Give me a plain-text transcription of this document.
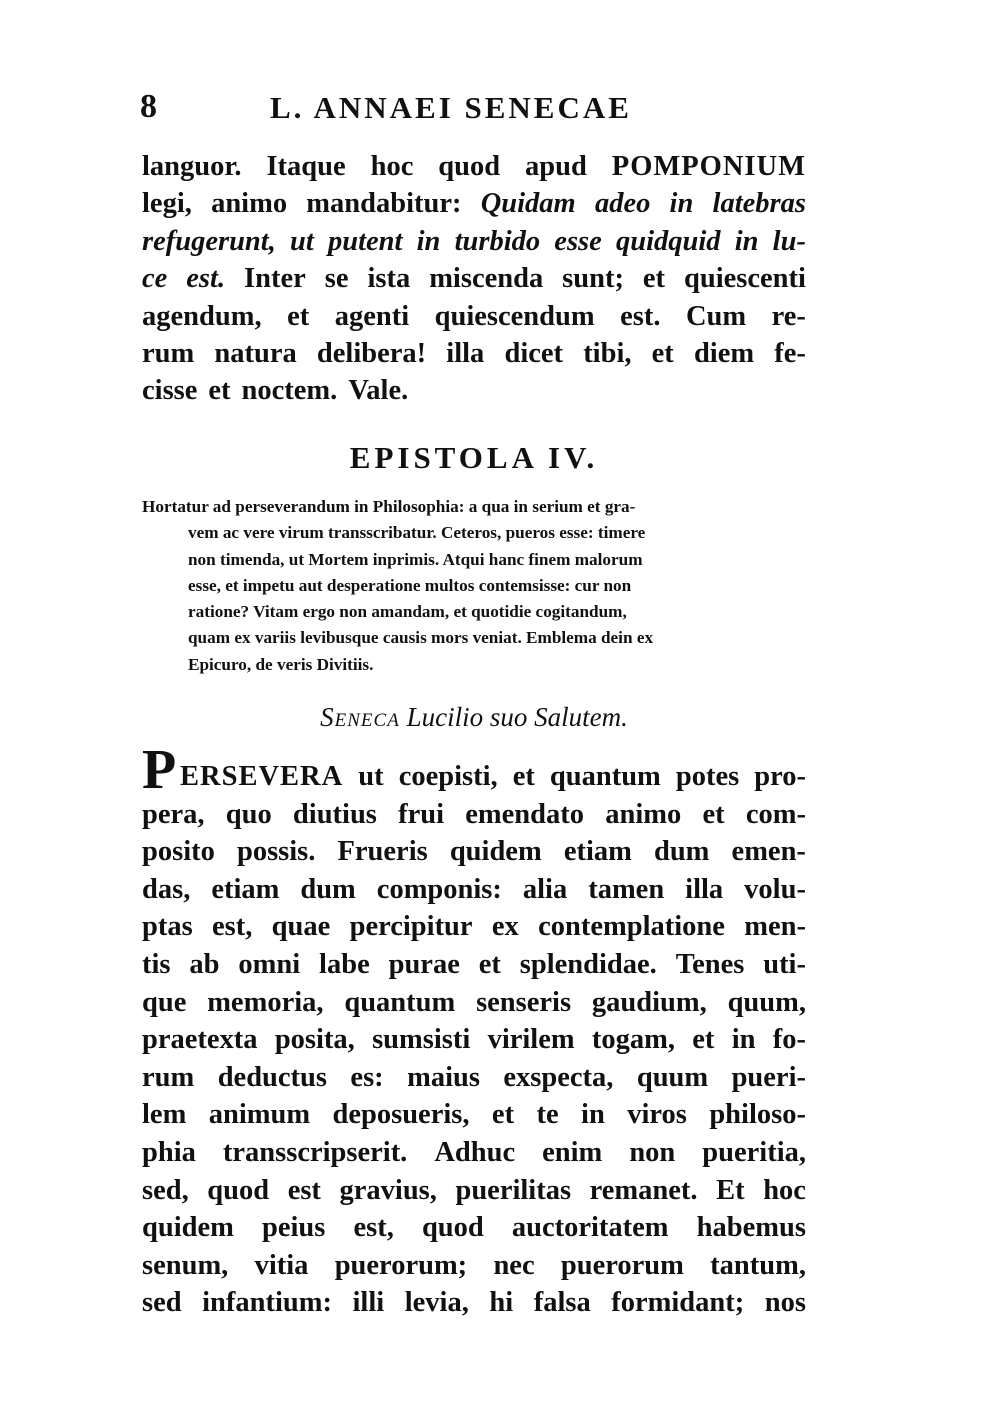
8	L. ANNAEI SENECAE
languor. Itaque hoc quod apud POMPONIUM
legi, animo mandabitur: Quidam adeo in latebras
refugerunt, ut putent in turbido esse quidquid in lu-
ce est. Inter se ista miscenda sunt; et quiescenti
agendum, et agenti quiescendum est. Cum re-
rum natura delibera! illa dicet tibi, et diem fe-
cisse et noctem. Vale.
EPISTOLA IV.
Hortatur ad perseverandum in Philosophia: a qua in serium et gra-
vem ac vere virum transscribatur. Ceteros, pueros esse: timere
non timenda, ut Mortem inprimis. Atqui hanc finem malorum
esse, et impetu aut desperatione multos contemsisse: cur non
ratione? Vitam ergo non amandam, et quotidie cogitandum,
quam ex variis levibusque causis mors veniat. Emblema dein ex
Epicuro, de veris Divitiis.
Seneca Lucilio suo Salutem.
P ERSEVERA ut coepisti, et quantum potes pro-
pera, quo diutius frui emendato animo et com-
posito possis. Frueris quidem etiam dum emen-
das, etiam dum componis: alia tamen illa volu-
ptas est, quae percipitur ex contemplatione men-
tis ab omni labe purae et splendidae. Tenes uti-
que memoria, quantum senseris gaudium, quum,
praetexta posita, sumsisti virilem togam, et in fo-
rum deductus es: maius exspecta, quum pueri-
lem animum deposueris, et te in viros philoso-
phia transscripserit. Adhuc enim non pueritia,
sed, quod est gravius, puerilitas remanet. Et hoc
quidem peius est, quod auctoritatem habemus
senum, vitia puerorum; nec puerorum tantum,
sed infantium: illi levia, hi falsa formidant; nos
